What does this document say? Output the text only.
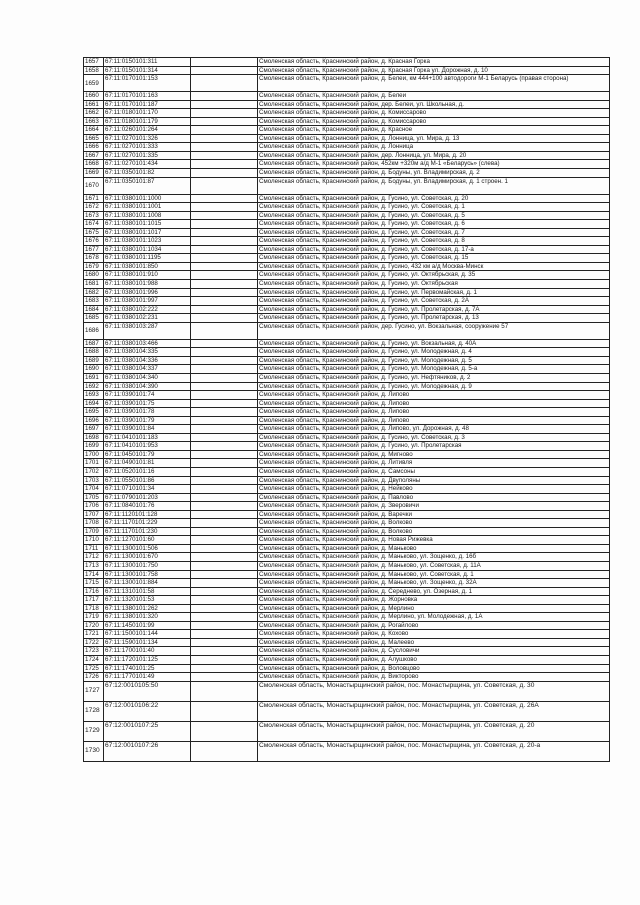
1657	67:11:0150101:311		Смоленская область, Краснинский район, д. Красная Горка
1658	67:11:0150101:314		Смоленская область, Краснинский район, д. Красная Горка ул. Дорожная, д. 10
1659	67:11:0170101:153		Смоленская область, Краснинский район, д. Белеи, км 444+100 автодороги М-1 Беларусь (правая сторона)
1660	67:11:0170101:163		Смоленская область, Краснинский район, д. Белеи
1661	67:11:0170101:187		Смоленская область, Краснинский район, дер. Белеи, ул. Школьная, д.
1662	67:11:0180101:170		Смоленская область, Краснинский район, д. Комиссарово
1663	67:11:0180101:179		Смоленская область, Краснинский район, д. Комиссарово
1664	67:11:0260101:264		Смоленская область, Краснинский район, д. Красное
1665	67:11:0270101:326		Смоленская область, Краснинский район, д. Лонница, ул. Мира, д. 13
1666	67:11:0270101:333		Смоленская область, Краснинский район, д. Лонница
1667	67:11:0270101:335		Смоленская область, Краснинский район, дер. Лонница, ул. Мира, д. 20
1668	67:11:0270101:434		Смоленская область, Краснинский район, 452км +320м а/д М-1 «Беларусь» (слева)
1669	67:11:0350101:82		Смоленская область, Краснинский район, д. Бодуны, ул. Владимирская, д. 2
1670	67:11:0350101:87		Смоленская область, Краснинский район, д. Бодуны, ул. Владимирская, д. 1 строен. 1
1671	67:11:0380101:1000		Смоленская область, Краснинский район, д. Гусино, ул. Советская, д. 20
1672	67:11:0380101:1001		Смоленская область, Краснинский район, д. Гусино, ул. Советская, д. 1
1673	67:11:0380101:1008		Смоленская область, Краснинский район, д. Гусино, ул. Советская, д. 5
1674	67:11:0380101:1015		Смоленская область, Краснинский район, д. Гусино, ул. Советская, д. 6
1675	67:11:0380101:1017		Смоленская область, Краснинский район, д. Гусино, ул. Советская, д. 7
1676	67:11:0380101:1023		Смоленская область, Краснинский район, д. Гусино, ул. Советская, д. 8
1677	67:11:0380101:1034		Смоленская область, Краснинский район, д. Гусино, ул. Советская, д. 17-а
1678	67:11:0380101:1195		Смоленская область, Краснинский район, д. Гусино, ул. Советская, д. 15
1679	67:11:0380101:850		Смоленская область, Краснинский район, д. Гусино, 432 км а/д Москва-Минск
1680	67:11:0380101:910		Смоленская область, Краснинский район, д. Гусино, ул. Октябрьская, д. 35
1681	67:11:0380101:988		Смоленская область, Краснинский район, д. Гусино, ул. Октябрьская
1682	67:11:0380101:996		Смоленская область, Краснинский район, д. Гусино, ул. Первомайская, д. 1
1683	67:11:0380101:997		Смоленская область, Краснинский район, д. Гусино, ул. Советская, д. 2А
1684	67:11:0380102:222		Смоленская область, Краснинский район, д. Гусино, ул. Пролетарская, д. 7А
1685	67:11:0380102:231		Смоленская область, Краснинский район, д. Гусино, ул. Пролетарская, д. 13
1686	67:11:0380103:287		Смоленская область, Краснинский район, дер. Гусино, ул. Вокзальная, сооружение 57
1687	67:11:0380103:466		Смоленская область, Краснинский район, д. Гусино, ул. Вокзальная, д. 40А
1688	67:11:0380104:335		Смоленская область, Краснинский район, д. Гусино, ул. Молодежная, д. 4
1689	67:11:0380104:336		Смоленская область, Краснинский район, д. Гусино, ул. Молодежная, д. 5
1690	67:11:0380104:337		Смоленская область, Краснинский район, д. Гусино, ул. Молодежная, д. 5-а
1691	67:11:0380104:340		Смоленская область, Краснинский район, д. Гусино, ул. Нефтяников, д. 2
1692	67:11:0380104:390		Смоленская область, Краснинский район, д. Гусино, ул. Молодежная, д. 9
1693	67:11:0390101:74		Смоленская область, Краснинский район, д. Липово
1694	67:11:0390101:75		Смоленская область, Краснинский район, д. Липово
1695	67:11:0390101:78		Смоленская область, Краснинский район, д. Липово
1696	67:11:0390101:79		Смоленская область, Краснинский район, д. Липово
1697	67:11:0390101:84		Смоленская область, Краснинский район, д. Липово, ул. Дорожная, д. 48
1698	67:11:0410101:183		Смоленская область, Краснинский район, д. Гусино, ул. Советская, д. 3
1699	67:11:0410101:953		Смоленская область, Краснинский район, д. Гусино, ул. Пролетарская
1700	67:11:0450101:79		Смоленская область, Краснинский район, д. Мигново
1701	67:11:0490101:81		Смоленская область, Краснинский район, д. Литивля
1702	67:11:0520101:16		Смоленская область, Краснинский район, д. Самсоны
1703	67:11:0550101:86		Смоленская область, Краснинский район, д. Двуполяны
1704	67:11:0710101:34		Смоленская область, Краснинский район, д. Нейково
1705	67:11:0790101:203		Смоленская область, Краснинский район, д. Павлово
1706	67:11:0840101:76		Смоленская область, Краснинский район, д. Зверовичи
1707	67:11:1120101:128		Смоленская область, Краснинский район, д. Варечки
1708	67:11:1170101:229		Смоленская область, Краснинский район, д. Волково
1709	67:11:1170101:230		Смоленская область, Краснинский район, д. Волково
1710	67:11:1270101:60		Смоленская область, Краснинский район, д. Новая Рижевка
1711	67:11:1300101:506		Смоленская область, Краснинский район, д. Маньково
1712	67:11:1300101:670		Смоленская область, Краснинский район, д. Маньково, ул. Зощенко, д. 16б
1713	67:11:1300101:750		Смоленская область, Краснинский район, д. Маньково, ул. Советская, д. 11А
1714	67:11:1300101:758		Смоленская область, Краснинский район, д. Маньково, ул. Советская, д. 1
1715	67:11:1300101:884		Смоленская область, Краснинский район, д. Маньково, ул. Зощенко, д. 32А
1716	67:11:1310101:58		Смоленская область, Краснинский район, д. Середнево, ул. Озерная, д. 1
1717	67:11:1320101:53		Смоленская область, Краснинский район, д. Жорновка
1718	67:11:1380101:262		Смоленская область, Краснинский район, д. Мерлино
1719	67:11:1380101:320		Смоленская область, Краснинский район, д. Мерлино, ул. Молодежная, д. 1А
1720	67:11:1450101:99		Смоленская область, Краснинский район, д. Рогайлово
1721	67:11:1500101:144		Смоленская область, Краснинский район, д. Кохово
1722	67:11:1590101:134		Смоленская область, Краснинский район, д. Малеево
1723	67:11:1700101:40		Смоленская область, Краснинский район, д. Сусловичи
1724	67:11:1720101:125		Смоленская область, Краснинский район, д. Алушково
1725	67:11:1740101:25		Смоленская область, Краснинский район, д. Воловцово
1726	67:11:1770101:49		Смоленская область, Краснинский район, д. Викторово
1727	67:12:0010105:50		Смоленская область, Монастырщинский район, пос. Монастырщина, ул. Советская, д. 30
1728	67:12:0010106:22		Смоленская область, Монастырщинский район, пос. Монастырщина, ул. Советская, д. 26А
1729	67:12:0010107:25		Смоленская область, Монастырщинский район, пос. Монастырщина, ул. Советская, д. 20
1730	67:12:0010107:26		Смоленская область, Монастырщинский район, пос. Монастырщина, ул. Советская, д. 20-а
